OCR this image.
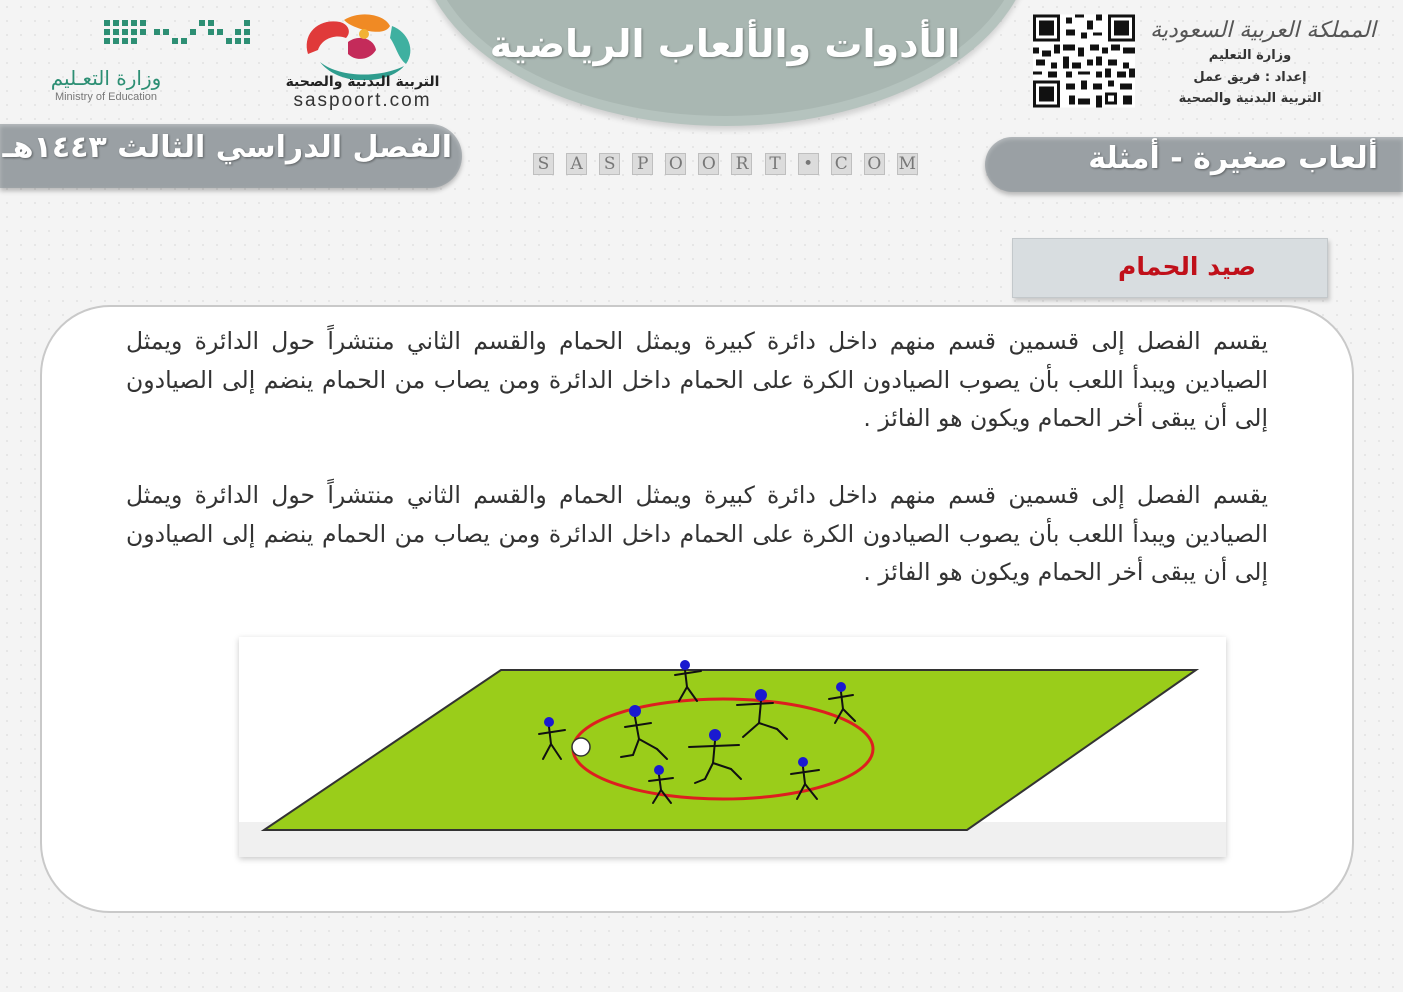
الأدوات والألعاب الرياضية
وزارة التعـليم
Ministry of Education
التربية البدنية والصحية
saspoort.com
المملكة العربية السعودية
وزارة التعليم
إعداد : فريق عمل
التربية البدنية والصحية
الفصل الدراسي الثالث ١٤٤٣هـ	ألعاب صغيرة - أمثلة
S A S P O O R T	•	C O M
صيد الحمام
يقسم الفصل إلى قسمين قسم منهم داخل دائرة كبيرة ويمثل الحمام والقسم الثاني منتشراً حول الدائرة ويمثل الصيادين ويبدأ اللعب بأن يصوب الصيادون الكرة على الحمام داخل الدائرة ومن يصاب من الحمام ينضم إلى الصيادون إلى أن يبقى أخر الحمام ويكون هو الفائز .
يقسم الفصل إلى قسمين قسم منهم داخل دائرة كبيرة ويمثل الحمام والقسم الثاني منتشراً حول الدائرة ويمثل الصيادين ويبدأ اللعب بأن يصوب الصيادون الكرة على الحمام داخل الدائرة ومن يصاب من الحمام ينضم إلى الصيادون إلى أن يبقى أخر الحمام ويكون هو الفائز .
